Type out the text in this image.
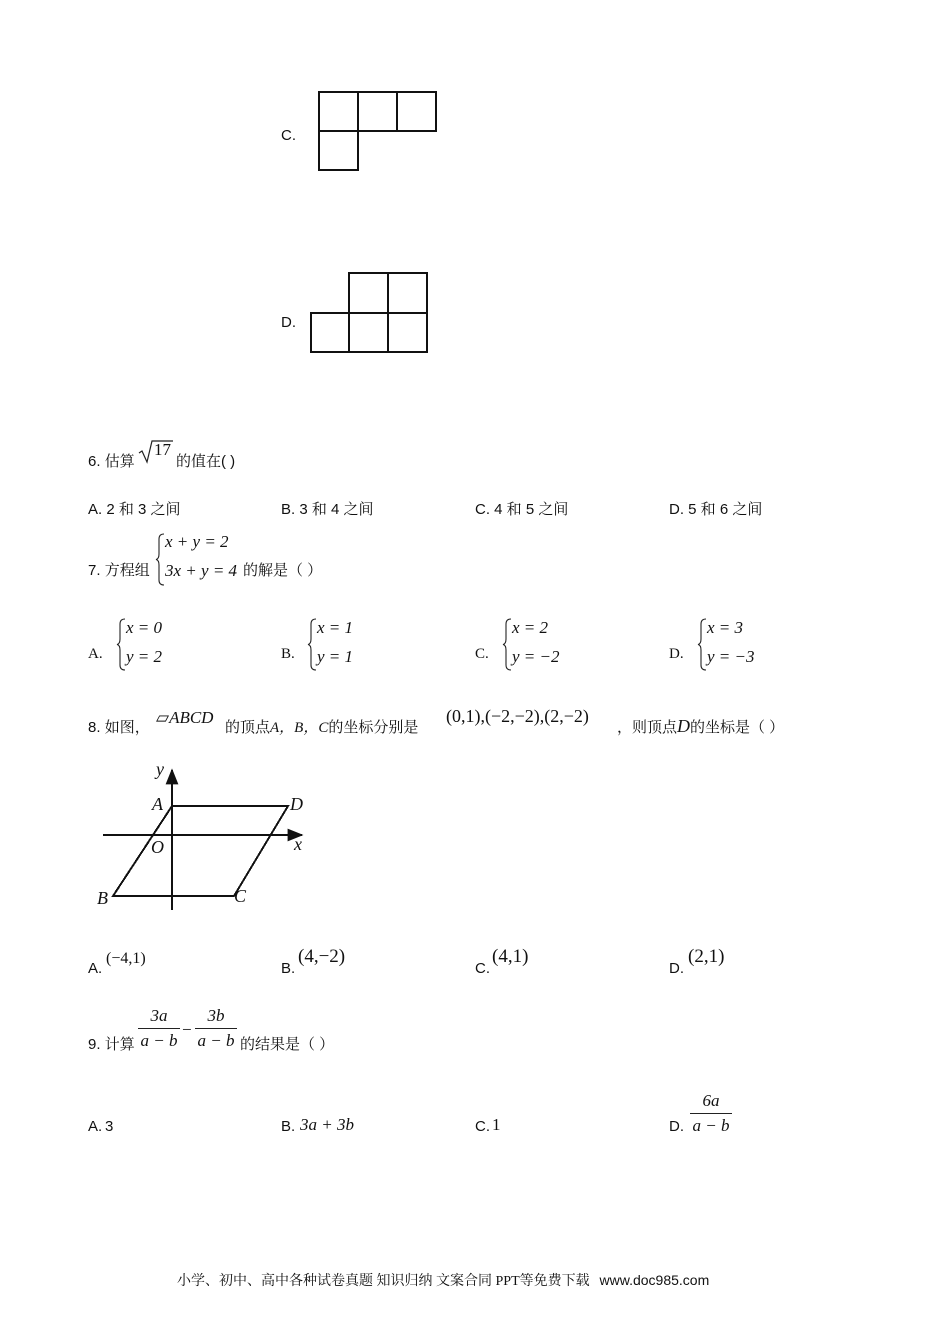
C.
D.
6. 估算
17
的值在( )
A. 2 和 3 之间	B. 3 和 4 之间	C. 4 和 5 之间	D. 5 和 6 之间
7. 方程组
x + y = 2
3x + y = 4 的解是（ ）
A.
x = 0
y = 2	B.
x = 1
y = 1	C.
x = 2
y = −2	D.
x = 3
y = −3
8. 如图，
▱ABCD
的顶点A，B，C的坐标分别是
(0,1),(−2,−2),(2,−2)
，则顶点D的坐标是（ ）
y
x
A	D
O
B	C
A.
(−4,1)
B.
(4,−2)
C.
(4,1)
D.
(2,1)
9. 计算
3a
a − b
−
3b
a − b 的结果是（ ）
A. 3	B. 3a + 3b	C. 1	D.
6a
a − b
小学、初中、高中各种试卷真题 知识归纳 文案合同 PPT等免费下载 www.doc985.com
